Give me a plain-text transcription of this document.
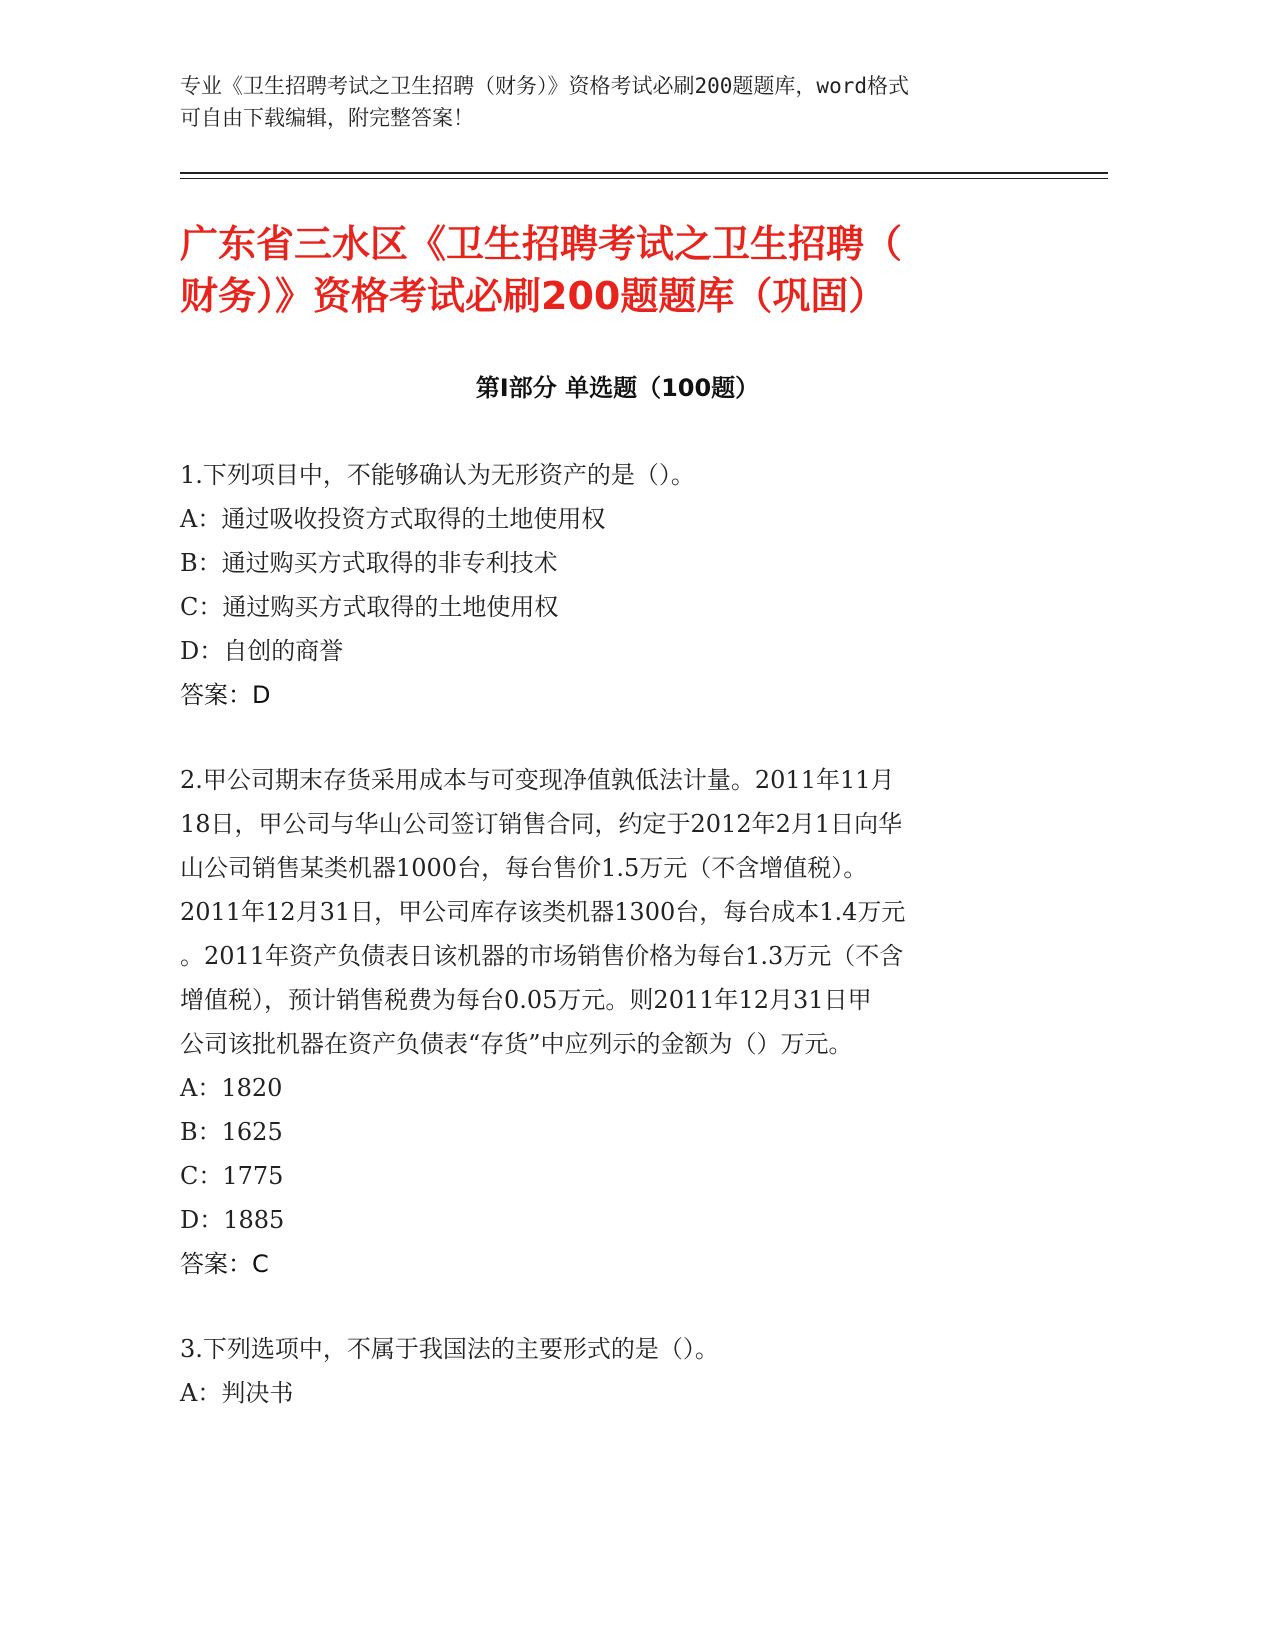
专业《卫生招聘考试之卫生招聘（财务）》资格考试必刷200题题库，word格式
可自由下载编辑，附完整答案！
广东省三水区《卫生招聘考试之卫生招聘（
财务）》资格考试必刷200题题库（巩固）
第I部分 单选题（100题）
1.下列项目中，不能够确认为无形资产的是（）。
A：通过吸收投资方式取得的土地使用权
B：通过购买方式取得的非专利技术
C：通过购买方式取得的土地使用权
D：自创的商誉
答案：D
2.甲公司期末存货采用成本与可变现净值孰低法计量。2011年11月
18日，甲公司与华山公司签订销售合同，约定于2012年2月1日向华
山公司销售某类机器1000台，每台售价1.5万元（不含增值税）。
2011年12月31日，甲公司库存该类机器1300台，每台成本1.4万元
。2011年资产负债表日该机器的市场销售价格为每台1.3万元（不含
增值税），预计销售税费为每台0.05万元。则2011年12月31日甲
公司该批机器在资产负债表“存货”中应列示的金额为（）万元。
A：1820
B：1625
C：1775
D：1885
答案：C
3.下列选项中，不属于我国法的主要形式的是（）。
A：判决书
